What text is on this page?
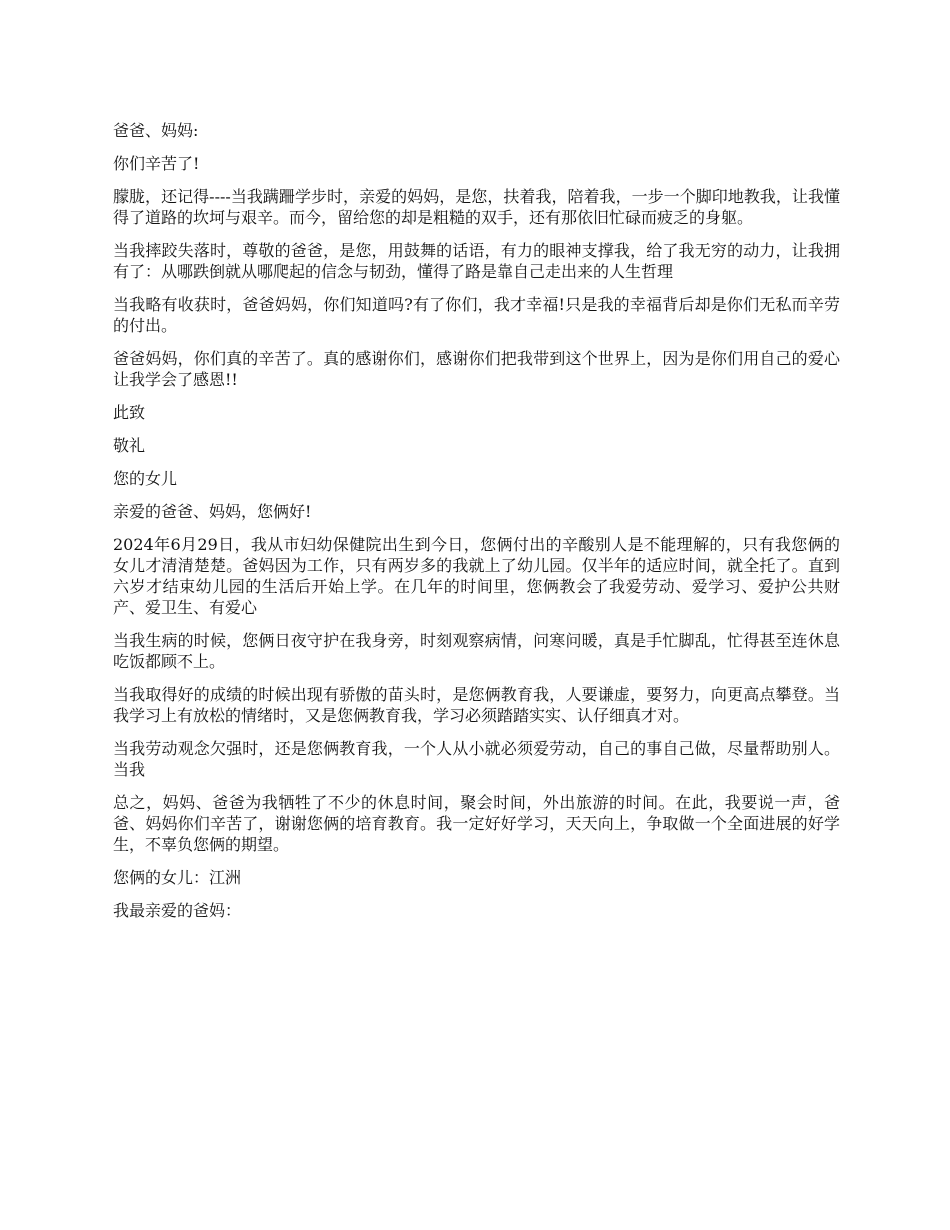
爸爸、妈妈:

你们辛苦了!

朦胧，还记得----当我蹒跚学步时，亲爱的妈妈，是您，扶着我，陪着我，一步一个脚印地教我，让我懂得了道路的坎坷与艰辛。而今，留给您的却是粗糙的双手，还有那依旧忙碌而疲乏的身躯。

当我摔跤失落时，尊敬的爸爸，是您，用鼓舞的话语，有力的眼神支撑我，给了我无穷的动力，让我拥有了：从哪跌倒就从哪爬起的信念与韧劲，懂得了路是靠自己走出来的人生哲理

当我略有收获时，爸爸妈妈，你们知道吗?有了你们，我才幸福!只是我的幸福背后却是你们无私而辛劳的付出。

爸爸妈妈，你们真的辛苦了。真的感谢你们，感谢你们把我带到这个世界上，因为是你们用自己的爱心让我学会了感恩!!

此致

敬礼

您的女儿

亲爱的爸爸、妈妈，您俩好!

2024年6月29日，我从市妇幼保健院出生到今日，您俩付出的辛酸别人是不能理解的，只有我您俩的女儿才清清楚楚。爸妈因为工作，只有两岁多的我就上了幼儿园。仅半年的适应时间，就全托了。直到六岁才结束幼儿园的生活后开始上学。在几年的时间里，您俩教会了我爱劳动、爱学习、爱护公共财产、爱卫生、有爱心

当我生病的时候，您俩日夜守护在我身旁，时刻观察病情，问寒问暖，真是手忙脚乱，忙得甚至连休息吃饭都顾不上。

当我取得好的成绩的时候出现有骄傲的苗头时，是您俩教育我，人要谦虚，要努力，向更高点攀登。当我学习上有放松的情绪时，又是您俩教育我，学习必须踏踏实实、认仔细真才对。

当我劳动观念欠强时，还是您俩教育我，一个人从小就必须爱劳动，自己的事自己做，尽量帮助别人。当我

总之，妈妈、爸爸为我牺牲了不少的休息时间，聚会时间，外出旅游的时间。在此，我要说一声，爸爸、妈妈你们辛苦了，谢谢您俩的培育教育。我一定好好学习，天天向上，争取做一个全面进展的好学生，不辜负您俩的期望。

您俩的女儿：江洲

我最亲爱的爸妈：
